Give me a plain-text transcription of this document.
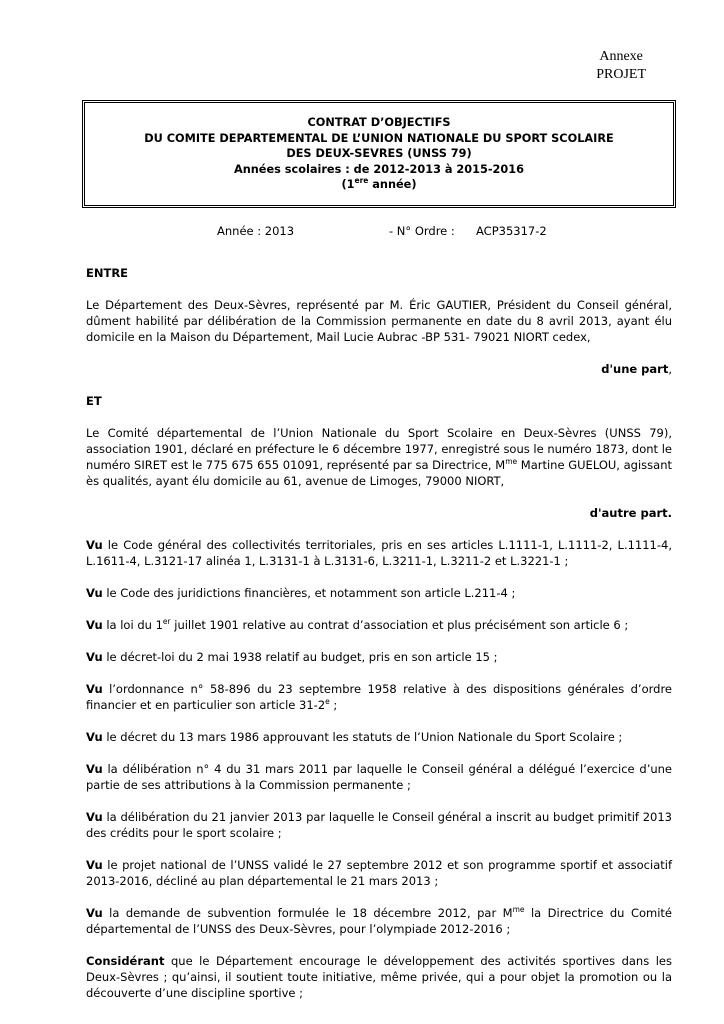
Annexe
PROJET
CONTRAT D’OBJECTIFS
DU COMITE DEPARTEMENTAL DE L’UNION NATIONALE DU SPORT SCOLAIRE
DES DEUX-SEVRES (UNSS 79)
Années scolaires : de 2012-2013 à 2015-2016
(1ere année)
Année : 2013	- N° Ordre : ACP35317-2

ENTRE

Le Département des Deux-Sèvres, représenté par M. Éric GAUTIER, Président du Conseil général, dûment habilité par délibération de la Commission permanente en date du 8 avril 2013, ayant élu domicile en la Maison du Département, Mail Lucie Aubrac -BP 531- 79021 NIORT cedex,

d'une part,

ET

Le Comité départemental de l’Union Nationale du Sport Scolaire en Deux-Sèvres (UNSS 79), association 1901, déclaré en préfecture le 6 décembre 1977, enregistré sous le numéro 1873, dont le numéro SIRET est le 775 675 655 01091, représenté par sa Directrice, $M^{me}$ Martine GUELOU, agissant ès qualités, ayant élu domicile au 61, avenue de Limoges, 79000 NIORT,

d'autre part.

Vu le Code général des collectivités territoriales, pris en ses articles L.1111-1, L.1111-2, L.1111-4, L.1611-4, L.3121-17 alinéa 1, L.3131-1 à L.3131-6, L.3211-1, L.3211-2 et L.3221-1 ;

Vu le Code des juridictions financières, et notamment son article L.211-4 ;

Vu la loi du 1er juillet 1901 relative au contrat d’association et plus précisément son article 6 ;

Vu le décret-loi du 2 mai 1938 relatif au budget, pris en son article 15 ;

Vu l’ordonnance n° 58-896 du 23 septembre 1958 relative à des dispositions générales d’ordre financier et en particulier son article 31-2e ;

Vu le décret du 13 mars 1986 approuvant les statuts de l’Union Nationale du Sport Scolaire ;

Vu la délibération n° 4 du 31 mars 2011 par laquelle le Conseil général a délégué l’exercice d’une partie de ses attributions à la Commission permanente ;

Vu la délibération du 21 janvier 2013 par laquelle le Conseil général a inscrit au budget primitif 2013 des crédits pour le sport scolaire ;

Vu le projet national de l’UNSS validé le 27 septembre 2012 et son programme sportif et associatif 2013-2016, décliné au plan départemental le 21 mars 2013 ;

Vu la demande de subvention formulée le 18 décembre 2012, par $M^{me}$ la Directrice du Comité départemental de l’UNSS des Deux-Sèvres, pour l’olympiade 2012-2016 ;

Considérant que le Département encourage le développement des activités sportives dans les Deux-Sèvres ; qu’ainsi, il soutient toute initiative, même privée, qui a pour objet la promotion ou la découverte d’une discipline sportive ;
